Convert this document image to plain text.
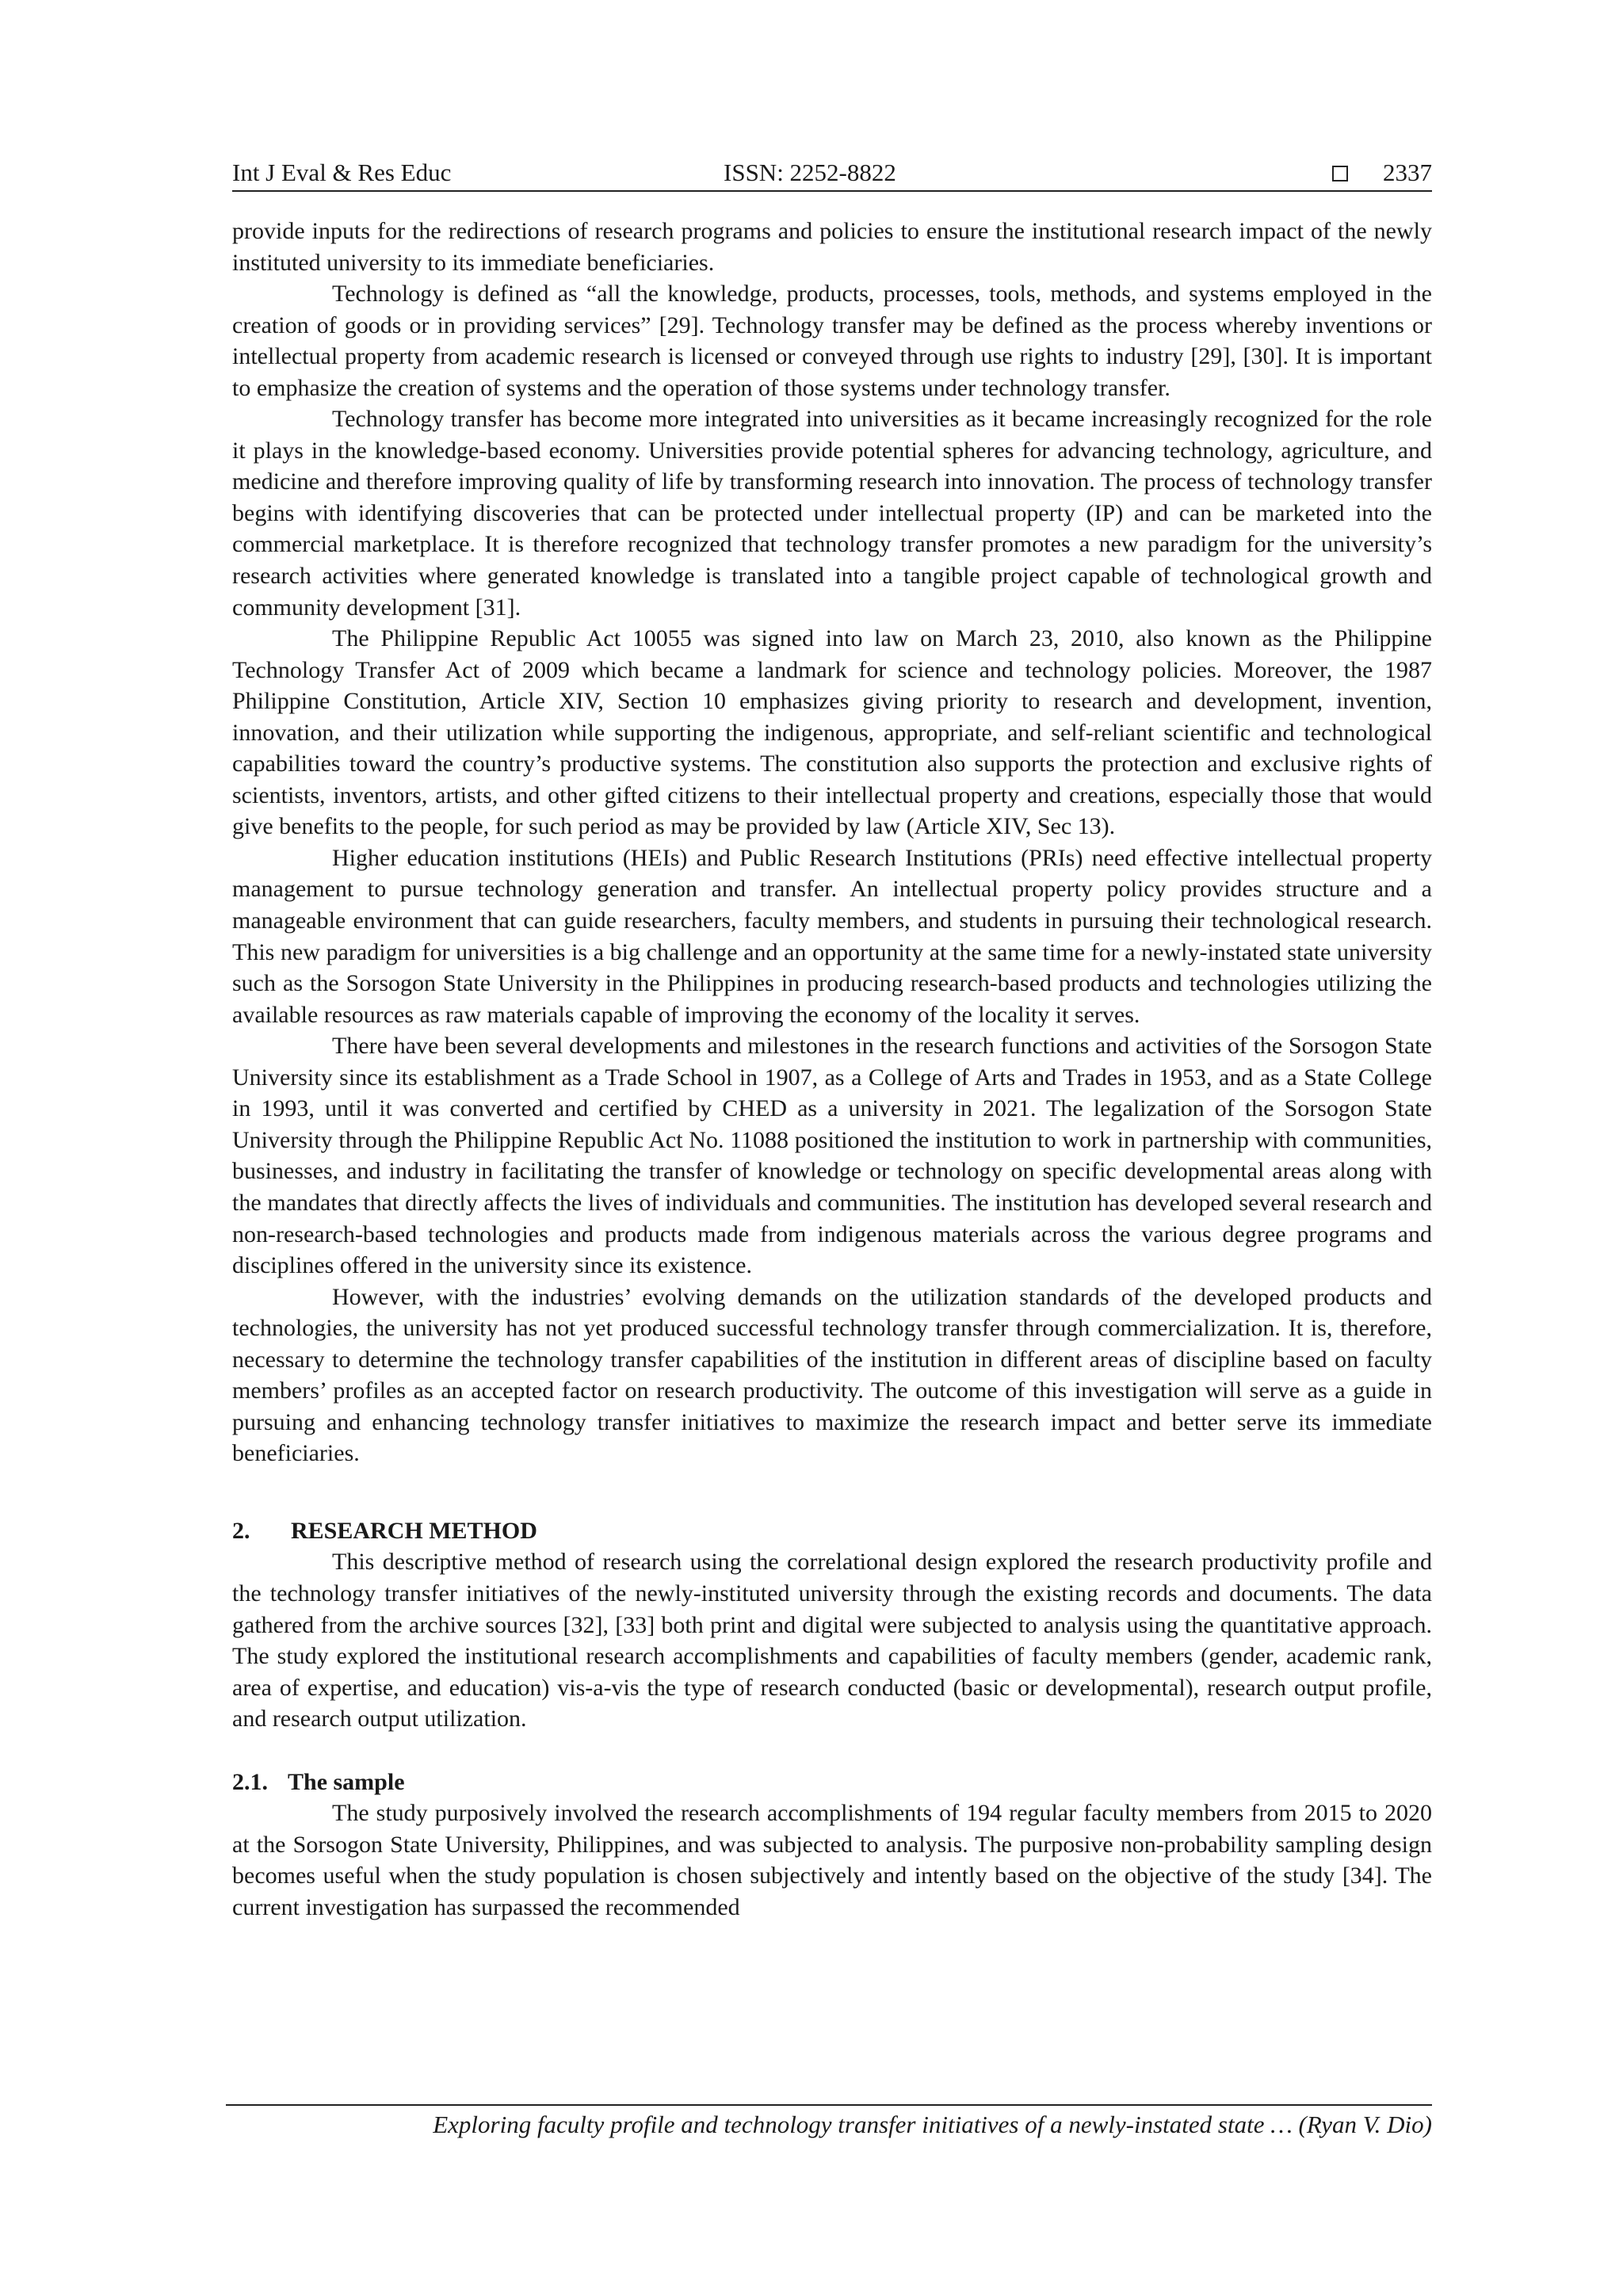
Int J Eval & Res Educ	ISSN: 2252-8822	2337

provide inputs for the redirections of research programs and policies to ensure the institutional research impact of the newly instituted university to its immediate beneficiaries.

Technology is defined as “all the knowledge, products, processes, tools, methods, and systems employed in the creation of goods or in providing services” [29]. Technology transfer may be defined as the process whereby inventions or intellectual property from academic research is licensed or conveyed through use rights to industry [29], [30]. It is important to emphasize the creation of systems and the operation of those systems under technology transfer.

Technology transfer has become more integrated into universities as it became increasingly recognized for the role it plays in the knowledge-based economy. Universities provide potential spheres for advancing technology, agriculture, and medicine and therefore improving quality of life by transforming research into innovation. The process of technology transfer begins with identifying discoveries that can be protected under intellectual property (IP) and can be marketed into the commercial marketplace. It is therefore recognized that technology transfer promotes a new paradigm for the university’s research activities where generated knowledge is translated into a tangible project capable of technological growth and community development [31].

The Philippine Republic Act 10055 was signed into law on March 23, 2010, also known as the Philippine Technology Transfer Act of 2009 which became a landmark for science and technology policies. Moreover, the 1987 Philippine Constitution, Article XIV, Section 10 emphasizes giving priority to research and development, invention, innovation, and their utilization while supporting the indigenous, appropriate, and self-reliant scientific and technological capabilities toward the country’s productive systems. The constitution also supports the protection and exclusive rights of scientists, inventors, artists, and other gifted citizens to their intellectual property and creations, especially those that would give benefits to the people, for such period as may be provided by law (Article XIV, Sec 13).

Higher education institutions (HEIs) and Public Research Institutions (PRIs) need effective intellectual property management to pursue technology generation and transfer. An intellectual property policy provides structure and a manageable environment that can guide researchers, faculty members, and students in pursuing their technological research. This new paradigm for universities is a big challenge and an opportunity at the same time for a newly-instated state university such as the Sorsogon State University in the Philippines in producing research-based products and technologies utilizing the available resources as raw materials capable of improving the economy of the locality it serves.

There have been several developments and milestones in the research functions and activities of the Sorsogon State University since its establishment as a Trade School in 1907, as a College of Arts and Trades in 1953, and as a State College in 1993, until it was converted and certified by CHED as a university in 2021. The legalization of the Sorsogon State University through the Philippine Republic Act No. 11088 positioned the institution to work in partnership with communities, businesses, and industry in facilitating the transfer of knowledge or technology on specific developmental areas along with the mandates that directly affects the lives of individuals and communities. The institution has developed several research and non-research-based technologies and products made from indigenous materials across the various degree programs and disciplines offered in the university since its existence.

However, with the industries’ evolving demands on the utilization standards of the developed products and technologies, the university has not yet produced successful technology transfer through commercialization. It is, therefore, necessary to determine the technology transfer capabilities of the institution in different areas of discipline based on faculty members’ profiles as an accepted factor on research productivity. The outcome of this investigation will serve as a guide in pursuing and enhancing technology transfer initiatives to maximize the research impact and better serve its immediate beneficiaries.

2. RESEARCH METHOD

This descriptive method of research using the correlational design explored the research productivity profile and the technology transfer initiatives of the newly-instituted university through the existing records and documents. The data gathered from the archive sources [32], [33] both print and digital were subjected to analysis using the quantitative approach. The study explored the institutional research accomplishments and capabilities of faculty members (gender, academic rank, area of expertise, and education) vis-a-vis the type of research conducted (basic or developmental), research output profile, and research output utilization.

2.1. The sample

The study purposively involved the research accomplishments of 194 regular faculty members from 2015 to 2020 at the Sorsogon State University, Philippines, and was subjected to analysis. The purposive non-probability sampling design becomes useful when the study population is chosen subjectively and intently based on the objective of the study [34]. The current investigation has surpassed the recommended

Exploring faculty profile and technology transfer initiatives of a newly-instated state … (Ryan V. Dio)
